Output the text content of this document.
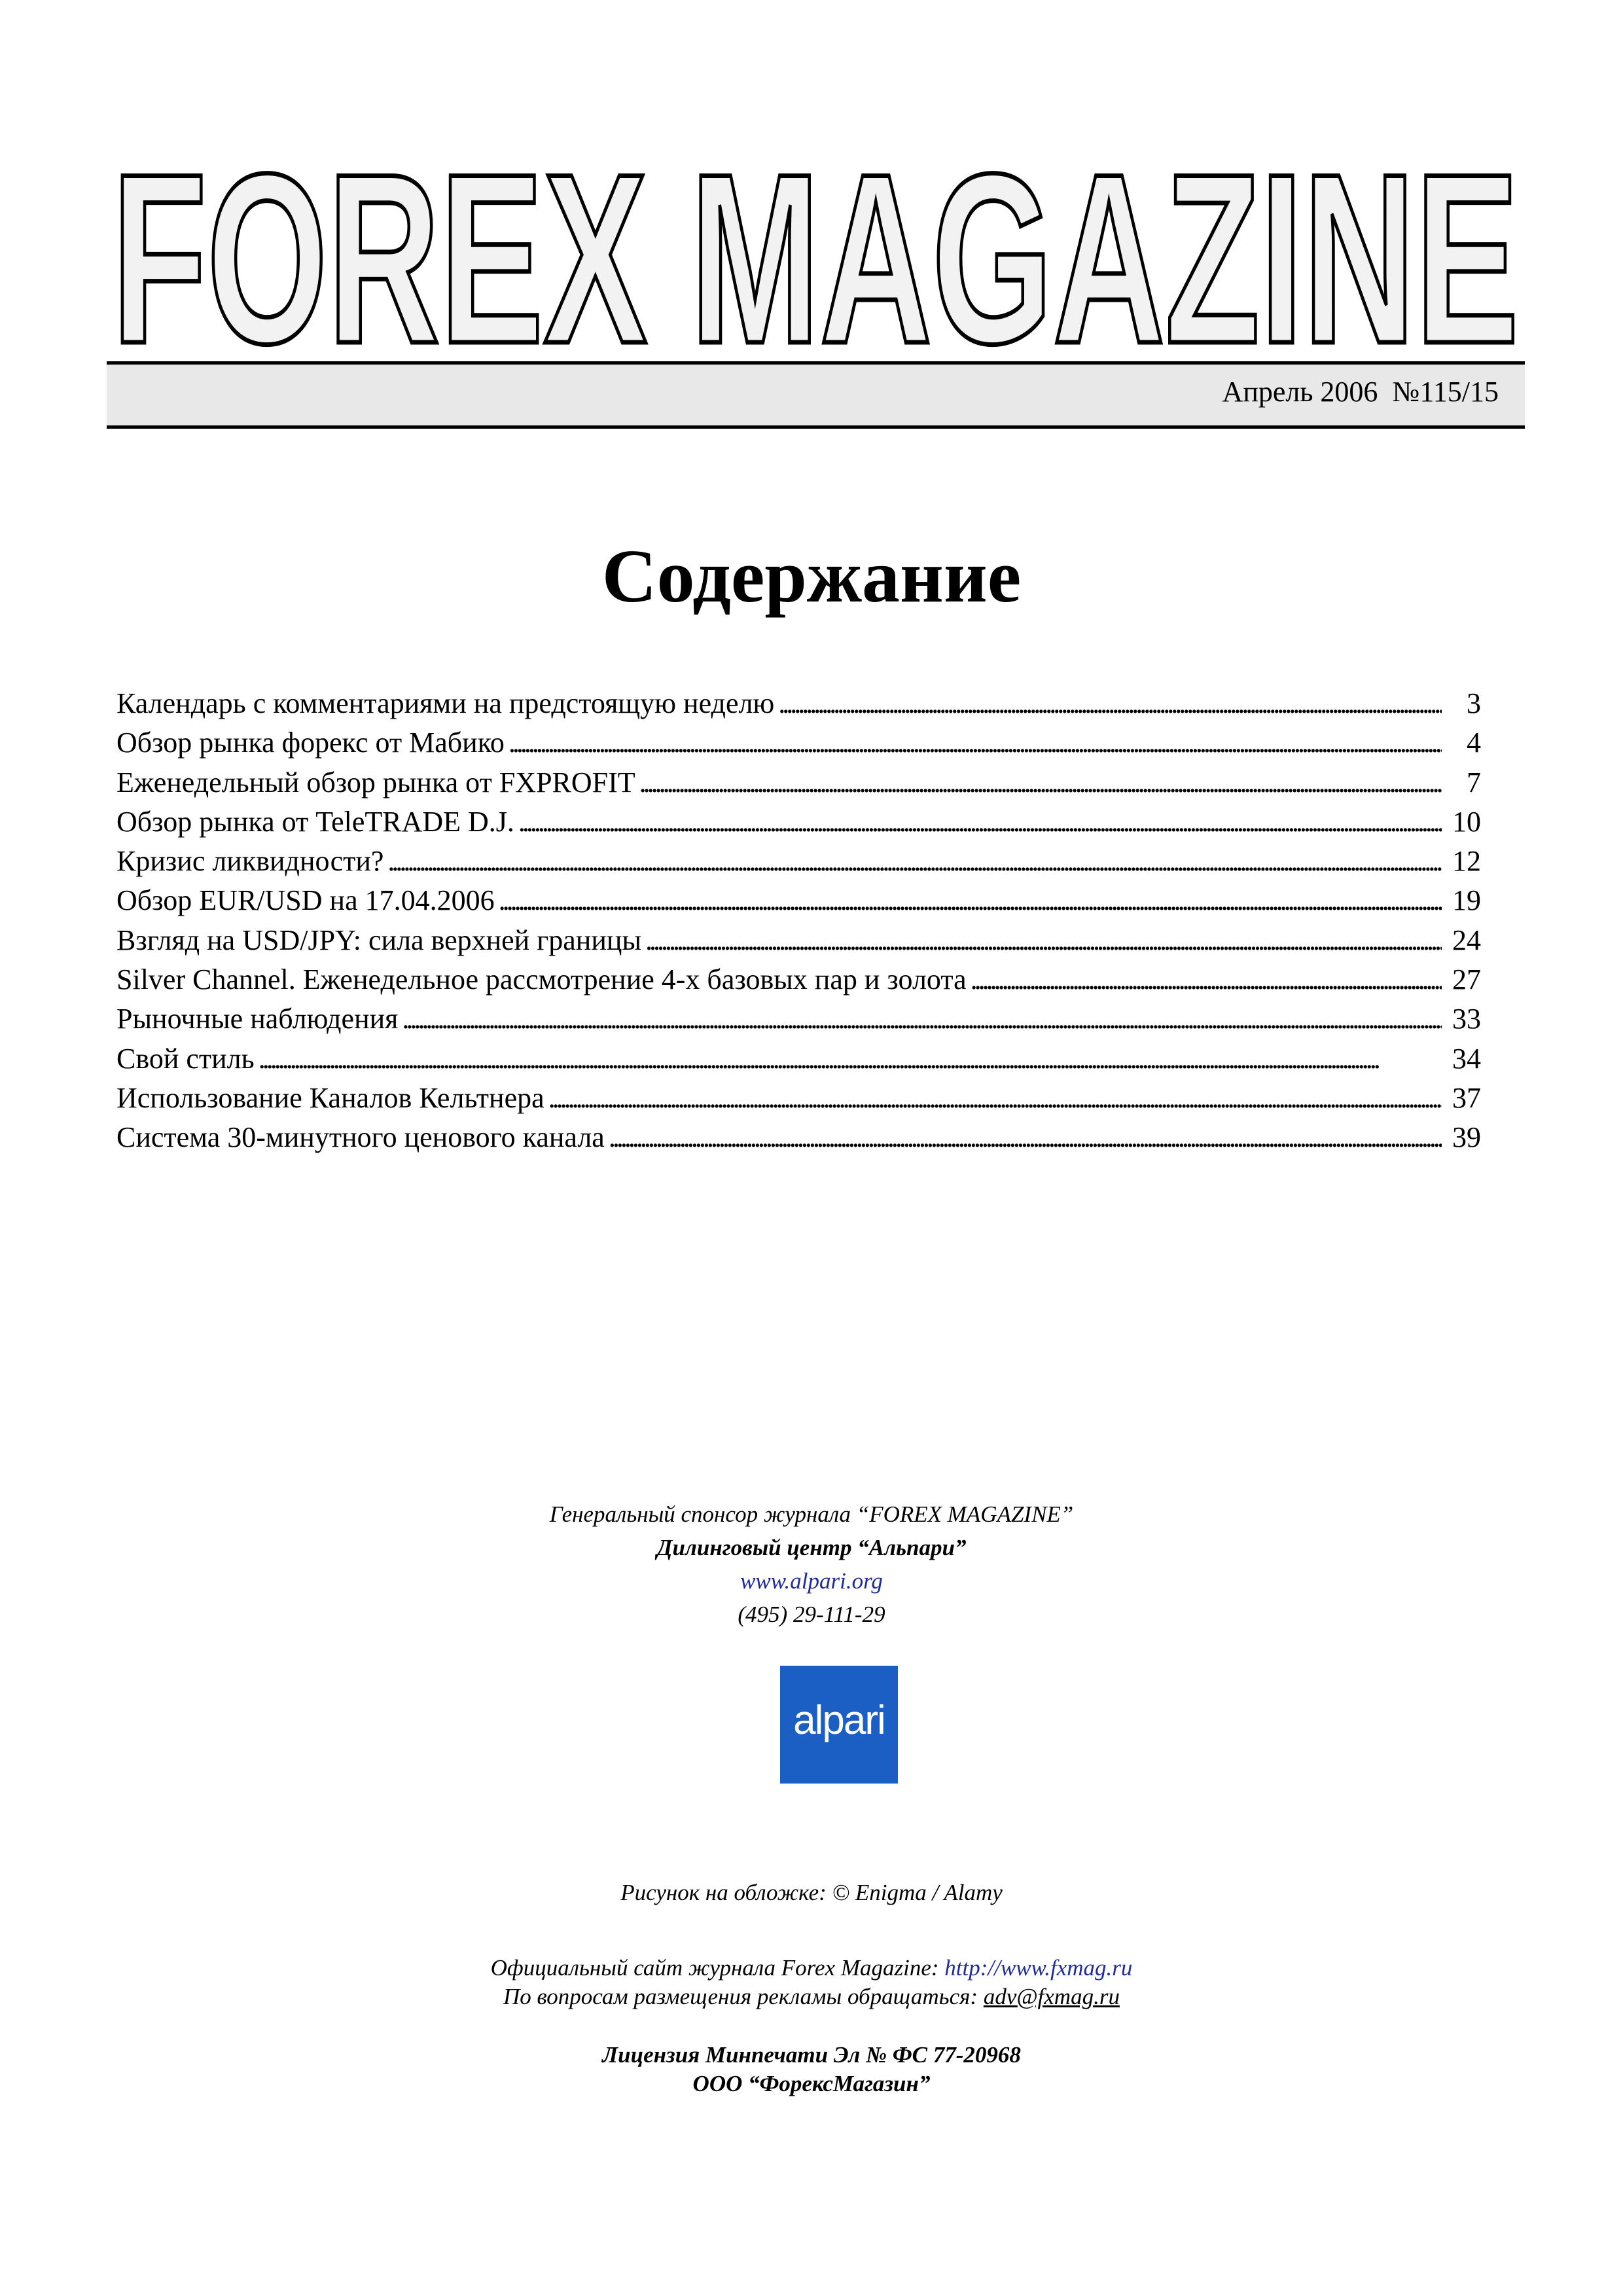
FOREX MAGAZINE
Апрель 2006  №115/15
Содержание
Календарь с комментариями на предстоящую неделю . . .	3
Обзор рынка форекс от Мабико . . .	4
Еженедельный обзор рынка от FXPROFIT . . .	7
Обзор рынка от TeleTRADE D.J. . . .	10
Кризис ликвидности? . . .	12
Обзор EUR/USD на 17.04.2006 . . .	19
Взгляд на USD/JPY: сила верхней границы . . .	24
Silver Channel. Еженедельное рассмотрение 4-х базовых пар и золота . . .	27
Рыночные наблюдения . . .	33
Свой стиль . . .	34
Использование Каналов Кельтнера . . .	37
Система 30-минутного ценового канала . . .	39
Генеральный спонсор журнала “FOREX MAGAZINE”
Дилинговый центр “Альпари”
www.alpari.org
(495) 29-111-29
alpari
Рисунок на обложке: © Enigma / Alamy
Официальный сайт журнала Forex Magazine: http://www.fxmag.ru
По вопросам размещения рекламы обращаться: adv@fxmag.ru
Лицензия Минпечати Эл № ФС 77-20968
ООО “ФорексМагазин”
